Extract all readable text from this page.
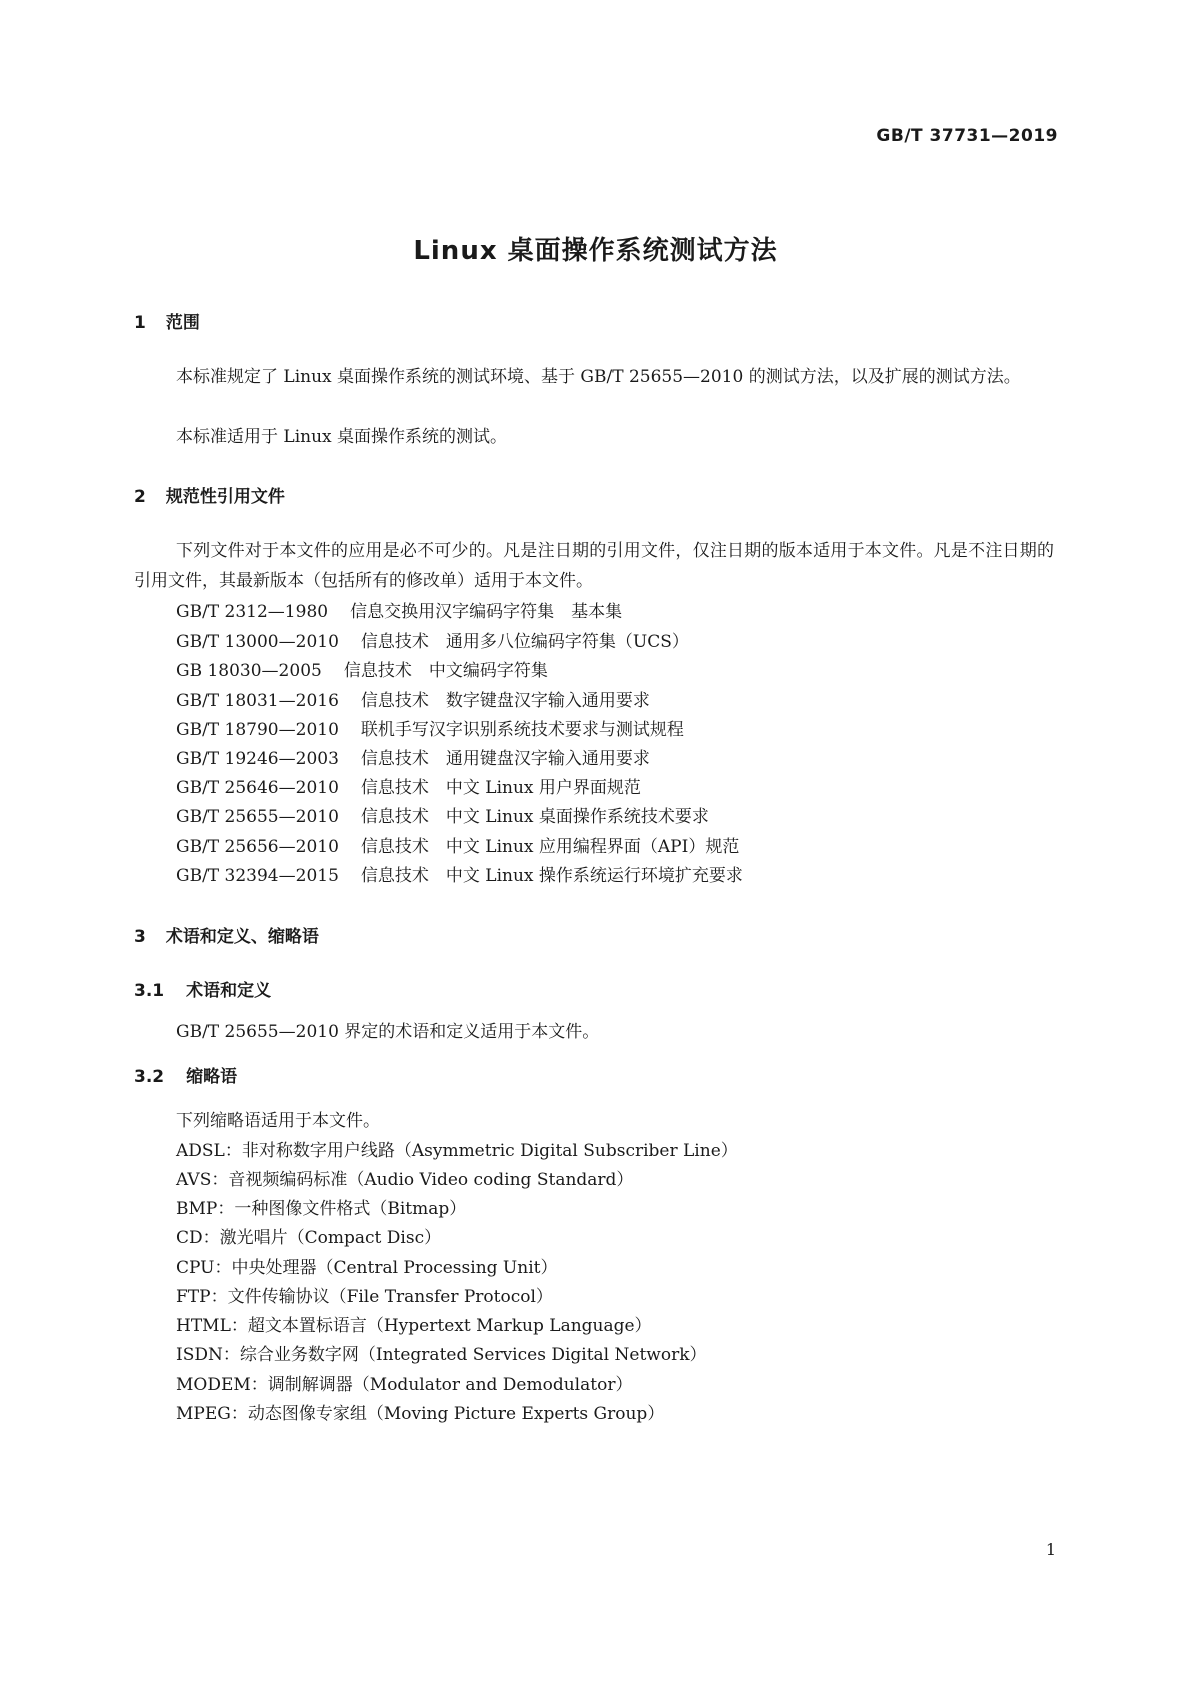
GB/T 37731—2019
Linux 桌面操作系统测试方法
1 范围
本标准规定了 Linux 桌面操作系统的测试环境、基于 GB/T 25655—2010 的测试方法，以及扩展的测试方法。
本标准适用于 Linux 桌面操作系统的测试。
2 规范性引用文件
下列文件对于本文件的应用是必不可少的。凡是注日期的引用文件，仅注日期的版本适用于本文件。凡是不注日期的引用文件，其最新版本（包括所有的修改单）适用于本文件。
GB/T 2312—1980 信息交换用汉字编码字符集　基本集
GB/T 13000—2010 信息技术　通用多八位编码字符集（UCS）
GB 18030—2005 信息技术　中文编码字符集
GB/T 18031—2016 信息技术　数字键盘汉字输入通用要求
GB/T 18790—2010 联机手写汉字识别系统技术要求与测试规程
GB/T 19246—2003 信息技术　通用键盘汉字输入通用要求
GB/T 25646—2010 信息技术　中文 Linux 用户界面规范
GB/T 25655—2010 信息技术　中文 Linux 桌面操作系统技术要求
GB/T 25656—2010 信息技术　中文 Linux 应用编程界面（API）规范
GB/T 32394—2015 信息技术　中文 Linux 操作系统运行环境扩充要求
3 术语和定义、缩略语
3.1 术语和定义
GB/T 25655—2010 界定的术语和定义适用于本文件。
3.2 缩略语
下列缩略语适用于本文件。
ADSL：非对称数字用户线路（Asymmetric Digital Subscriber Line）
AVS：音视频编码标准（Audio Video coding Standard）
BMP：一种图像文件格式（Bitmap）
CD：激光唱片（Compact Disc）
CPU：中央处理器（Central Processing Unit）
FTP：文件传输协议（File Transfer Protocol）
HTML：超文本置标语言（Hypertext Markup Language）
ISDN：综合业务数字网（Integrated Services Digital Network）
MODEM：调制解调器（Modulator and Demodulator）
MPEG：动态图像专家组（Moving Picture Experts Group）
1
